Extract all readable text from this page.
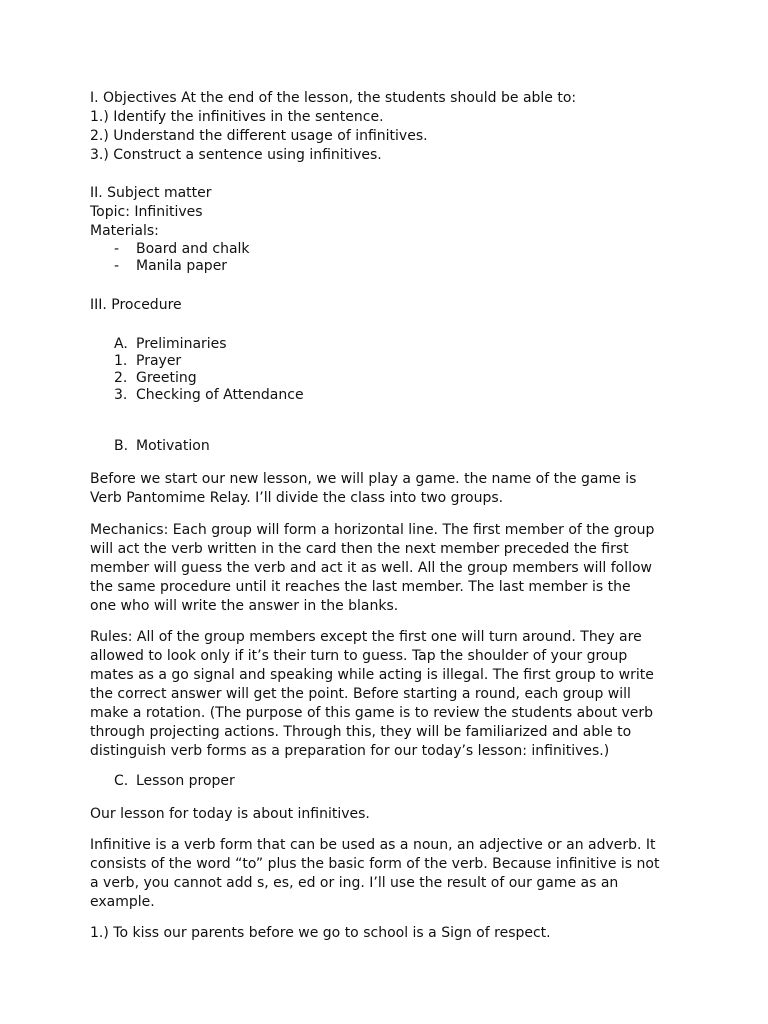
I. Objectives At the end of the lesson, the students should be able to:

1.) Identify the infinitives in the sentence.

2.) Understand the different usage of infinitives.

3.) Construct a sentence using infinitives.

II. Subject matter

Topic: Infinitives

Materials:

-	Board and chalk
-	Manila paper

III. Procedure

A. Preliminaries
1. Prayer
2. Greeting
3. Checking of Attendance
B. Motivation

Before we start our new lesson, we will play a game. the name of the game is Verb Pantomime Relay. I’ll divide the class into two groups.

Mechanics: Each group will form a horizontal line. The first member of the group will act the verb written in the card then the next member preceded the first member will guess the verb and act it as well. All the group members will follow the same procedure until it reaches the last member. The last member is the one who will write the answer in the blanks.

Rules: All of the group members except the first one will turn around. They are allowed to look only if it’s their turn to guess. Tap the shoulder of your group mates as a go signal and speaking while acting is illegal. The first group to write the correct answer will get the point. Before starting a round, each group will make a rotation. (The purpose of this game is to review the students about verb through projecting actions. Through this, they will be familiarized and able to distinguish verb forms as a preparation for our today’s lesson: infinitives.)

C. Lesson proper

Our lesson for today is about infinitives.

Infinitive is a verb form that can be used as a noun, an adjective or an adverb. It consists of the word “to” plus the basic form of the verb. Because infinitive is not a verb, you cannot add s, es, ed or ing. I’ll use the result of our game as an example.

1.) To kiss our parents before we go to school is a Sign of respect.
